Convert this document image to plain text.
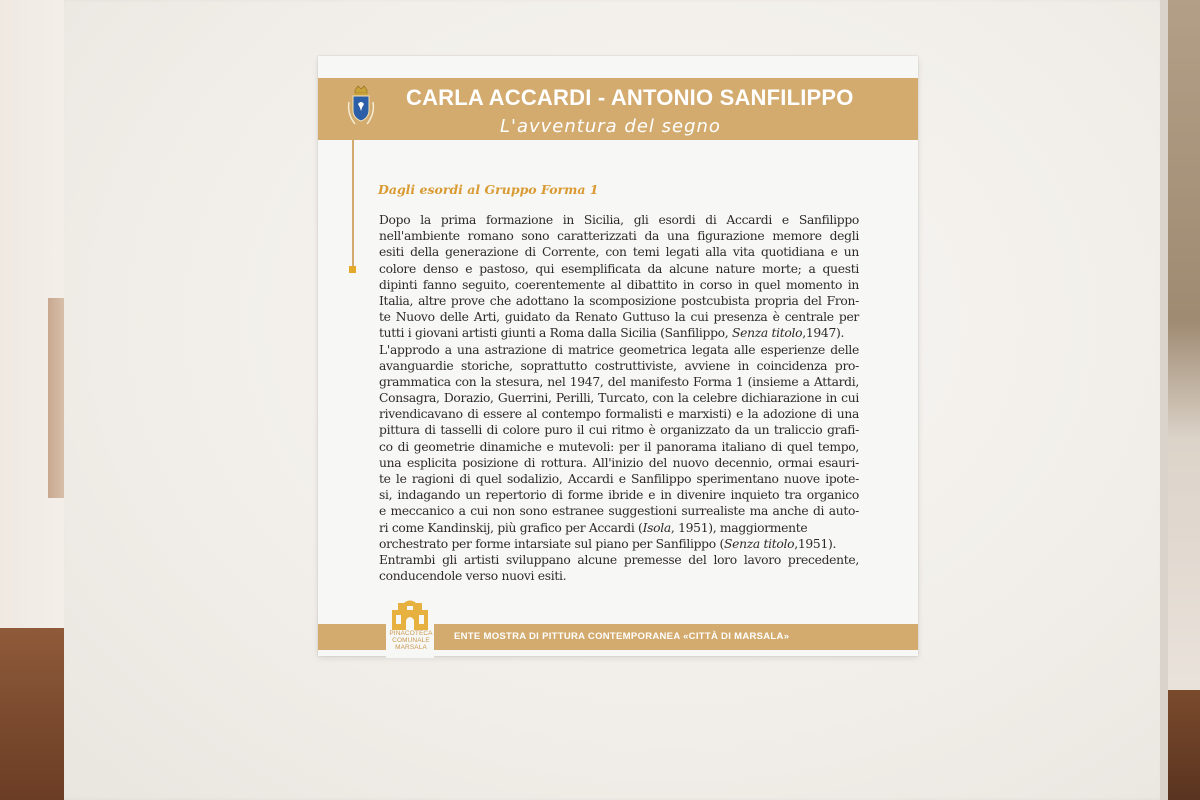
CARLA ACCARDI - ANTONIO SANFILIPPO
L'avventura del segno
Dagli esordi al Gruppo Forma 1
Dopo la prima formazione in Sicilia, gli esordi di Accardi e Sanfilippo
nell'ambiente romano sono caratterizzati da una figurazione memore degli
esiti della generazione di Corrente, con temi legati alla vita quotidiana e un
colore denso e pastoso, qui esemplificata da alcune nature morte; a questi
dipinti fanno seguito, coerentemente al dibattito in corso in quel momento in
Italia, altre prove che adottano la scomposizione postcubista propria del Fron-
te Nuovo delle Arti, guidato da Renato Guttuso la cui presenza è centrale per
tutti i giovani artisti giunti a Roma dalla Sicilia (Sanfilippo, Senza titolo,1947).
L'approdo a una astrazione di matrice geometrica legata alle esperienze delle
avanguardie storiche, soprattutto costruttiviste, avviene in coincidenza pro-
grammatica con la stesura, nel 1947, del manifesto Forma 1 (insieme a Attardi,
Consagra, Dorazio, Guerrini, Perilli, Turcato, con la celebre dichiarazione in cui
rivendicavano di essere al contempo formalisti e marxisti) e la adozione di una
pittura di tasselli di colore puro il cui ritmo è organizzato da un traliccio grafi-
co di geometrie dinamiche e mutevoli: per il panorama italiano di quel tempo,
una esplicita posizione di rottura. All'inizio del nuovo decennio, ormai esauri-
te le ragioni di quel sodalizio, Accardi e Sanfilippo sperimentano nuove ipote-
si, indagando un repertorio di forme ibride e in divenire inquieto tra organico
e meccanico a cui non sono estranee suggestioni surrealiste ma anche di auto-
ri come Kandinskij, più grafico per Accardi (Isola, 1951), maggiormente
orchestrato per forme intarsiate sul piano per Sanfilippo (Senza titolo,1951).
Entrambi gli artisti sviluppano alcune premesse del loro lavoro precedente,
conducendole verso nuovi esiti.
PINACOTECA
COMUNALE
MARSALA
ENTE MOSTRA DI PITTURA CONTEMPORANEA «CITTÀ DI MARSALA»
